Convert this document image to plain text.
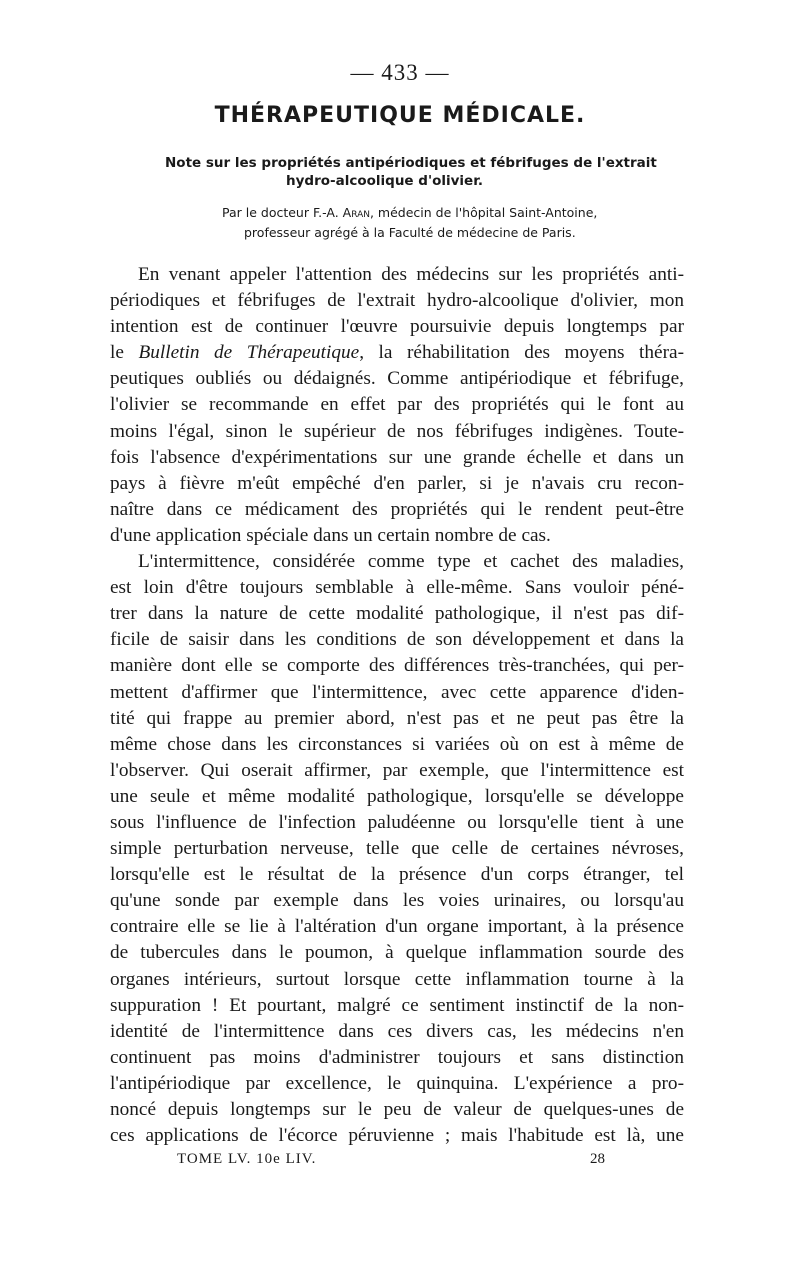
— 433 —
THÉRAPEUTIQUE MÉDICALE.
Note sur les propriétés antipériodiques et fébrifuges de l'extrait
hydro-alcoolique d'olivier.
Par le docteur F.-A. Aran, médecin de l'hôpital Saint-Antoine,
professeur agrégé à la Faculté de médecine de Paris.
En venant appeler l'attention des médecins sur les propriétés anti-
périodiques et fébrifuges de l'extrait hydro-alcoolique d'olivier, mon
intention est de continuer l'œuvre poursuivie depuis longtemps par
le Bulletin de Thérapeutique, la réhabilitation des moyens théra-
peutiques oubliés ou dédaignés. Comme antipériodique et fébrifuge,
l'olivier se recommande en effet par des propriétés qui le font au
moins l'égal, sinon le supérieur de nos fébrifuges indigènes. Toute-
fois l'absence d'expérimentations sur une grande échelle et dans un
pays à fièvre m'eût empêché d'en parler, si je n'avais cru recon-
naître dans ce médicament des propriétés qui le rendent peut-être
d'une application spéciale dans un certain nombre de cas.
L'intermittence, considérée comme type et cachet des maladies,
est loin d'être toujours semblable à elle-même. Sans vouloir péné-
trer dans la nature de cette modalité pathologique, il n'est pas dif-
ficile de saisir dans les conditions de son développement et dans la
manière dont elle se comporte des différences très-tranchées, qui per-
mettent d'affirmer que l'intermittence, avec cette apparence d'iden-
tité qui frappe au premier abord, n'est pas et ne peut pas être la
même chose dans les circonstances si variées où on est à même de
l'observer. Qui oserait affirmer, par exemple, que l'intermittence est
une seule et même modalité pathologique, lorsqu'elle se développe
sous l'influence de l'infection paludéenne ou lorsqu'elle tient à une
simple perturbation nerveuse, telle que celle de certaines névroses,
lorsqu'elle est le résultat de la présence d'un corps étranger, tel
qu'une sonde par exemple dans les voies urinaires, ou lorsqu'au
contraire elle se lie à l'altération d'un organe important, à la présence
de tubercules dans le poumon, à quelque inflammation sourde des
organes intérieurs, surtout lorsque cette inflammation tourne à la
suppuration ! Et pourtant, malgré ce sentiment instinctif de la non-
identité de l'intermittence dans ces divers cas, les médecins n'en
continuent pas moins d'administrer toujours et sans distinction
l'antipériodique par excellence, le quinquina. L'expérience a pro-
noncé depuis longtemps sur le peu de valeur de quelques-unes de
ces applications de l'écorce péruvienne ; mais l'habitude est là, une
TOME LV. 10e LIV.	28
